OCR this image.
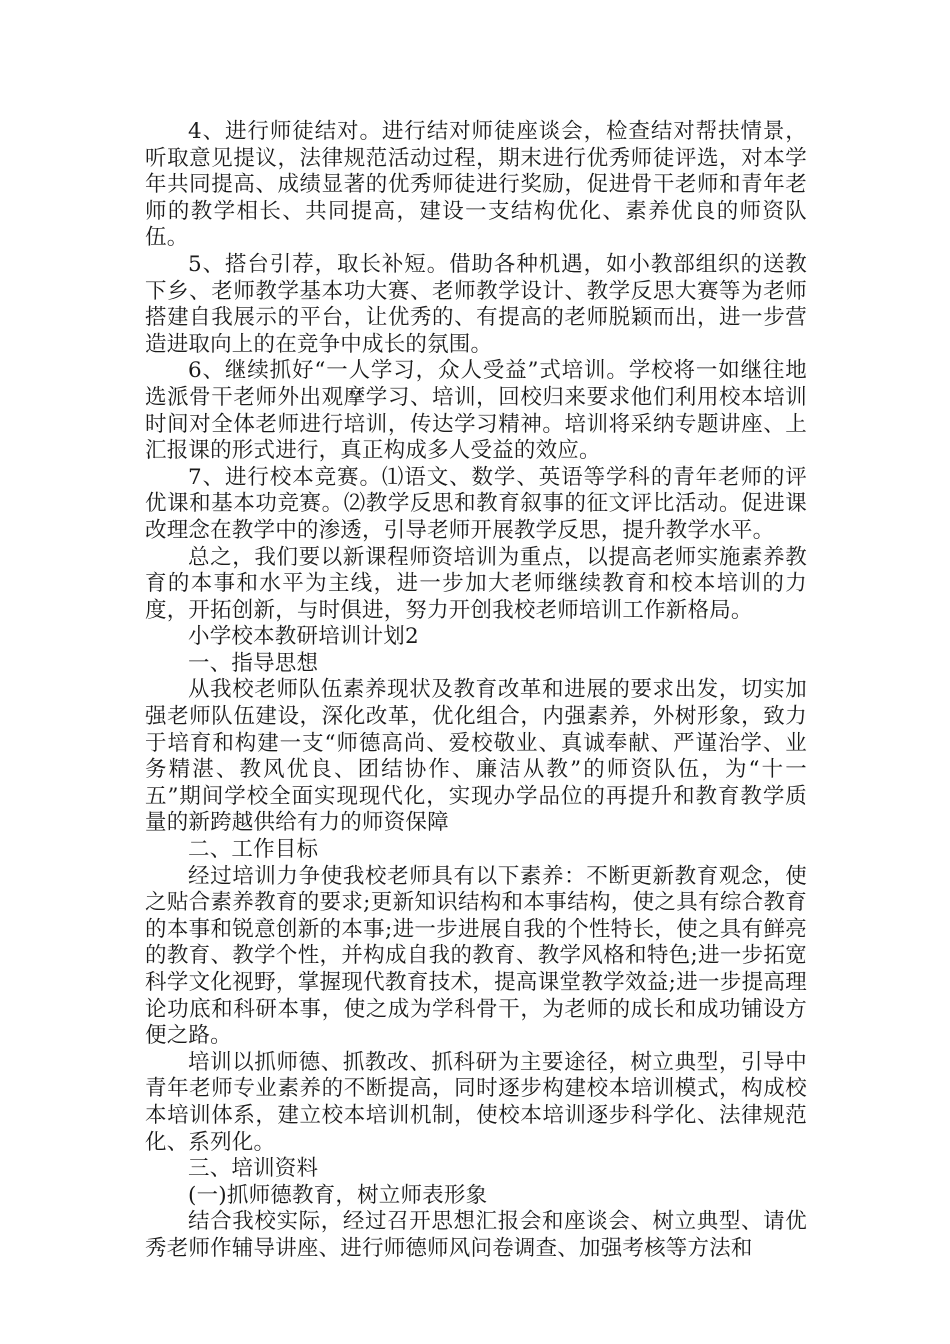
4、进行师徒结对。进行结对师徒座谈会，检查结对帮扶情景，听取意见提议，法律规范活动过程，期末进行优秀师徒评选，对本学年共同提高、成绩显著的优秀师徒进行奖励，促进骨干老师和青年老师的教学相长、共同提高，建设一支结构优化、素养优良的师资队伍。

5、搭台引荐，取长补短。借助各种机遇，如小教部组织的送教下乡、老师教学基本功大赛、老师教学设计、教学反思大赛等为老师搭建自我展示的平台，让优秀的、有提高的老师脱颖而出，进一步营造进取向上的在竞争中成长的氛围。

6、继续抓好“一人学习，众人受益”式培训。学校将一如继往地选派骨干老师外出观摩学习、培训，回校归来要求他们利用校本培训时间对全体老师进行培训，传达学习精神。培训将采纳专题讲座、上汇报课的形式进行，真正构成多人受益的效应。

7、进行校本竞赛。⑴语文、数学、英语等学科的青年老师的评优课和基本功竞赛。⑵教学反思和教育叙事的征文评比活动。促进课改理念在教学中的渗透，引导老师开展教学反思，提升教学水平。

总之，我们要以新课程师资培训为重点，以提高老师实施素养教育的本事和水平为主线，进一步加大老师继续教育和校本培训的力度，开拓创新，与时俱进，努力开创我校老师培训工作新格局。

小学校本教研培训计划2

一、指导思想

从我校老师队伍素养现状及教育改革和进展的要求出发，切实加强老师队伍建设，深化改革，优化组合，内强素养，外树形象，致力于培育和构建一支“师德高尚、爱校敬业、真诚奉献、严谨治学、业务精湛、教风优良、团结协作、廉洁从教”的师资队伍，为“十一五”期间学校全面实现现代化，实现办学品位的再提升和教育教学质量的新跨越供给有力的师资保障

二、工作目标

经过培训力争使我校老师具有以下素养：不断更新教育观念，使之贴合素养教育的要求;更新知识结构和本事结构，使之具有综合教育的本事和锐意创新的本事;进一步进展自我的个性特长，使之具有鲜亮的教育、教学个性，并构成自我的教育、教学风格和特色;进一步拓宽科学文化视野，掌握现代教育技术，提高课堂教学效益;进一步提高理论功底和科研本事，使之成为学科骨干，为老师的成长和成功铺设方便之路。

培训以抓师德、抓教改、抓科研为主要途径，树立典型，引导中青年老师专业素养的不断提高，同时逐步构建校本培训模式，构成校本培训体系，建立校本培训机制，使校本培训逐步科学化、法律规范化、系列化。

三、培训资料

(一)抓师德教育，树立师表形象

结合我校实际，经过召开思想汇报会和座谈会、树立典型、请优秀老师作辅导讲座、进行师德师风问卷调查、加强考核等方法和
